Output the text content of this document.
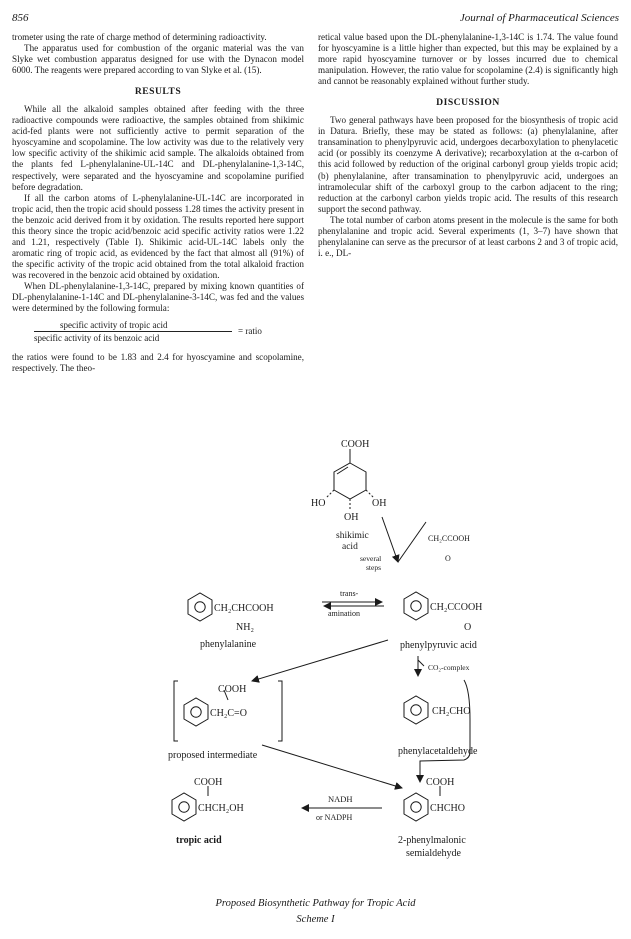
856	Journal of Pharmaceutical Sciences

trometer using the rate of charge method of determining radioactivity.

The apparatus used for combustion of the organic material was the van Slyke wet combustion apparatus designed for use with the Dynacon model 6000. The reagents were prepared according to van Slyke et al. (15).

RESULTS

While all the alkaloid samples obtained after feeding with the three radioactive compounds were radioactive, the samples obtained from shikimic acid-fed plants were not sufficiently active to permit separation of the hyoscyamine and scopolamine. The low activity was due to the relatively very low specific activity of the shikimic acid sample. The alkaloids obtained from the plants fed L-phenylalanine-UL-14C and DL-phenylalanine-1,3-14C, respectively, were separated and the hyoscyamine and scopolamine purified before degradation.

If all the carbon atoms of L-phenylalanine-UL-14C are incorporated in tropic acid, then the tropic acid should possess 1.28 times the activity present in the benzoic acid derived from it by oxidation. The results reported here support this theory since the tropic acid/benzoic acid specific activity ratios were 1.22 and 1.21, respectively (Table I). Shikimic acid-UL-14C labels only the aromatic ring of tropic acid, as evidenced by the fact that almost all (91%) of the specific activity of the tropic acid obtained from the total alkaloid fraction was recovered in the benzoic acid obtained by oxidation.

When DL-phenylalanine-1,3-14C, prepared by mixing known quantities of DL-phenylalanine-1-14C and DL-phenylalanine-3-14C, was fed and the values were determined by the following formula:

specific activity of tropic acid
specific activity of its benzoic acid
= ratio

the ratios were found to be 1.83 and 2.4 for hyoscyamine and scopolamine, respectively. The theo-

retical value based upon the DL-phenylalanine-1,3-14C is 1.74. The value found for hyoscyamine is a little higher than expected, but this may be explained by a more rapid hyoscyamine turnover or by losses incurred due to chemical manipulation. However, the ratio value for scopolamine (2.4) is significantly high and cannot be reasonably explained without further study.

DISCUSSION

Two general pathways have been proposed for the biosynthesis of tropic acid in Datura. Briefly, these may be stated as follows: (a) phenylalanine, after transamination to phenylpyruvic acid, undergoes decarboxylation to phenylacetic acid (or possibly its coenzyme A derivative); recarboxylation at the α-carbon of this acid followed by reduction of the original carbonyl group yields tropic acid; (b) phenylalanine, after transamination to phenylpyruvic acid, undergoes an intramolecular shift of the carboxyl group to the carbon adjacent to the ring; reduction at the carbonyl carbon yields tropic acid. The results of this research support the second pathway.

The total number of carbon atoms present in the molecule is the same for both phenylalanine and tropic acid. Several experiments (1, 3–7) have shown that phenylalanine can serve as the precursor of at least carbons 2 and 3 of tropic acid, i. e., DL-

COOH
HO	OH
OH
shikimic
acid
several
steps
CH₂CCOOH
O
CH₂CHCOOH
NH₂
phenylalanine
trans-
amination
CH₂CCOOH
O
phenylpyruvic acid
CO₂-complex
COOH
CH₂C=O
proposed intermediate
CH₂CHO
phenylacetaldehyde
COOH
CHCH₂OH
tropic acid
NADH
or NADPH
COOH
CHCHO
2-phenylmalonic
semialdehyde
Proposed Biosynthetic Pathway for Tropic Acid
Scheme I
